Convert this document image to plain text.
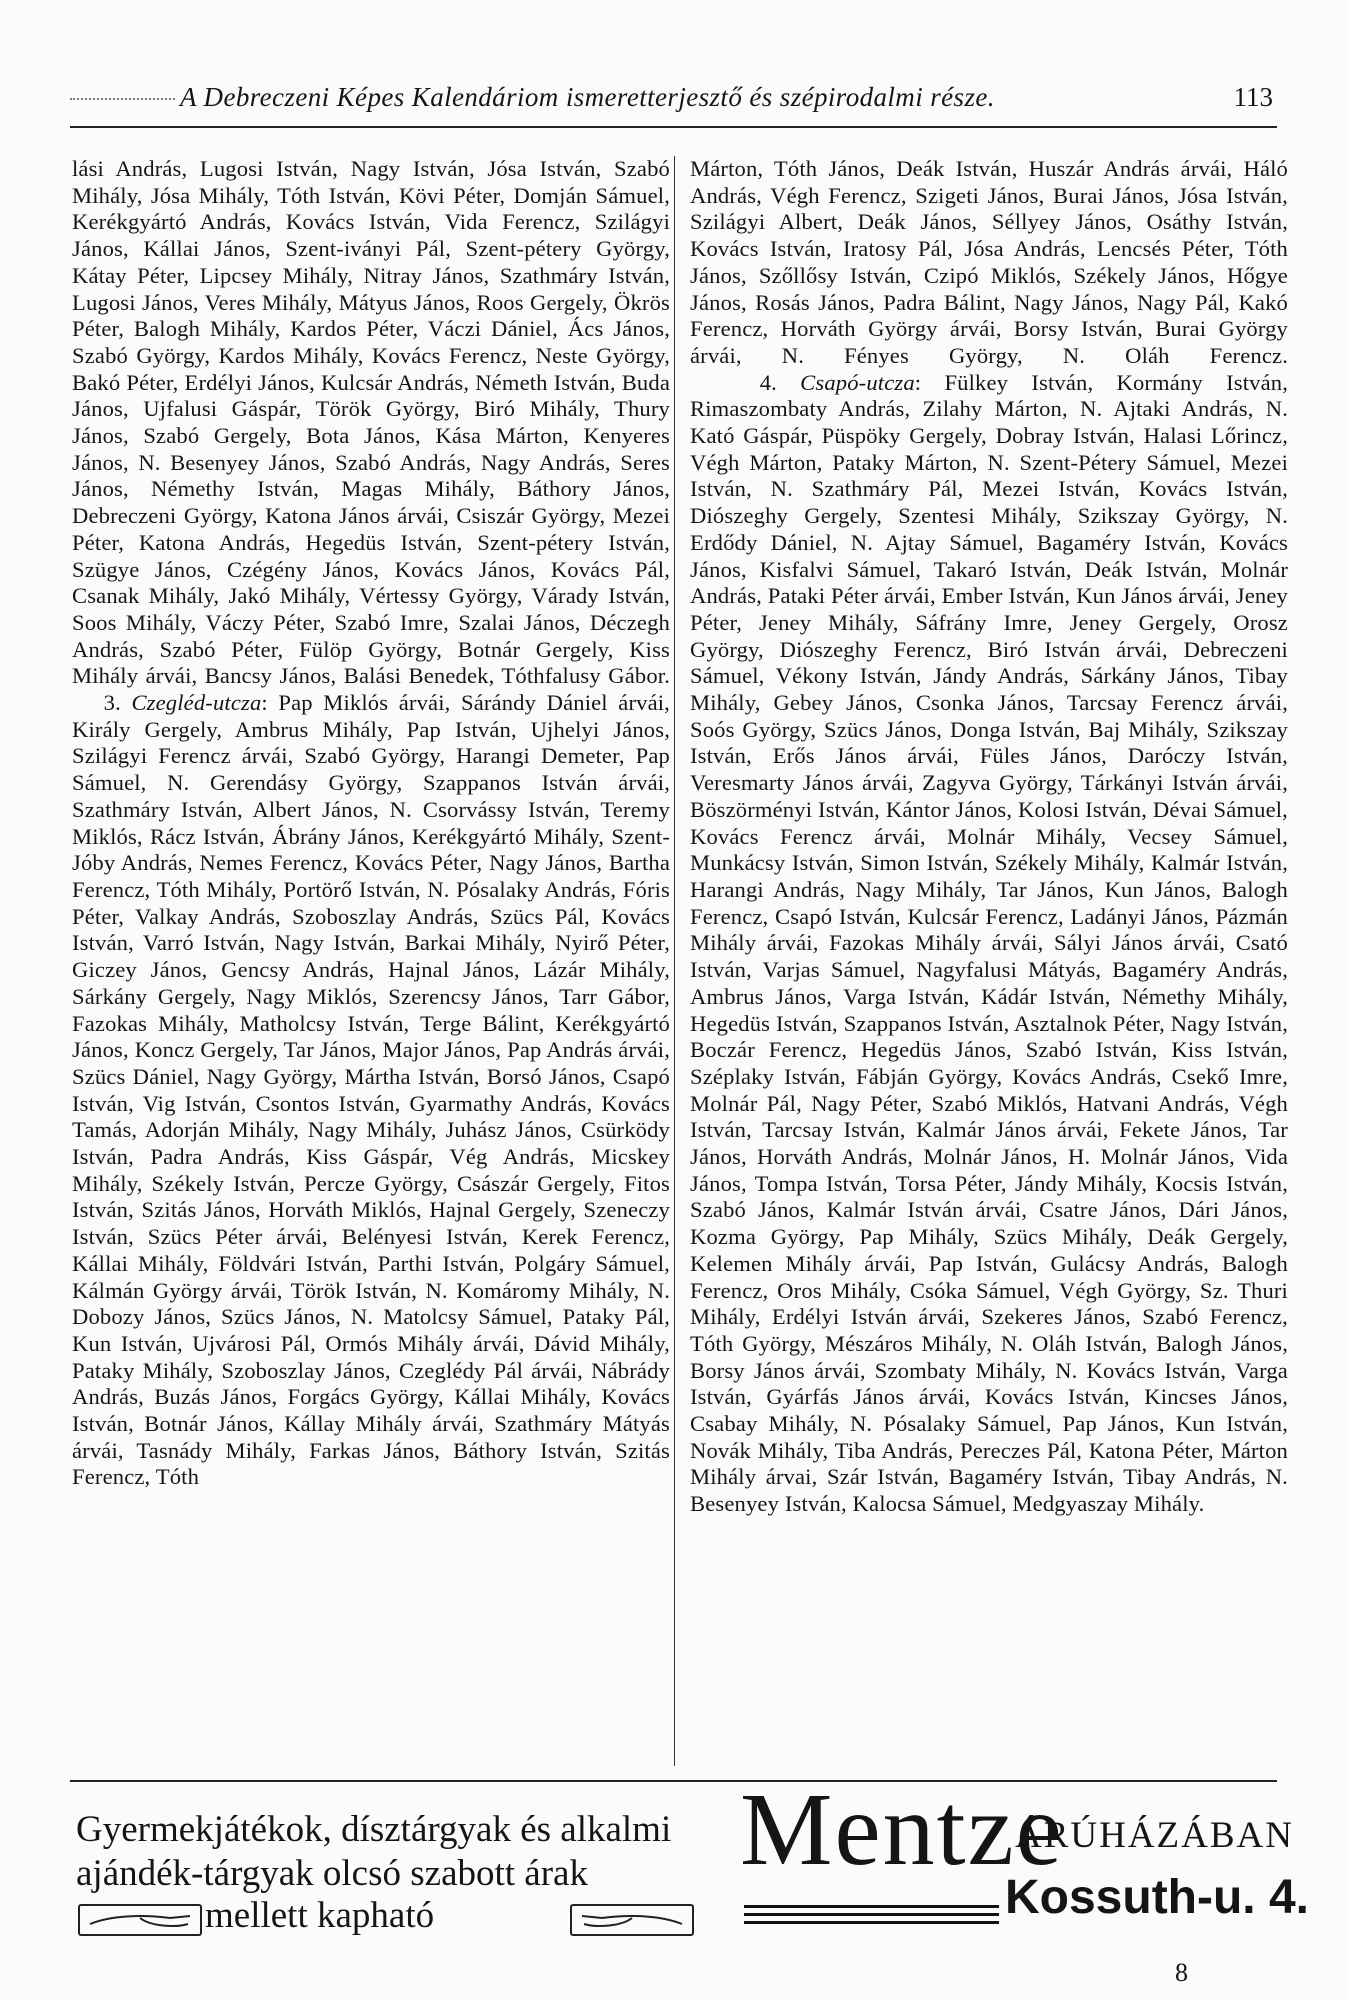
A Debreczeni Képes Kalendáriom ismeretterjesztő és szépirodalmi része.	113

lási András, Lugosi István, Nagy István, Jósa István, Szabó Mihály, Jósa Mihály, Tóth István, Kövi Péter, Domján Sámuel, Kerékgyártó András, Kovács István, Vida Ferencz, Szilágyi János, Kállai János, Szent-iványi Pál, Szent-pétery György, Kátay Péter, Lipcsey Mihály, Nitray János, Szathmáry István, Lugosi János, Veres Mihály, Mátyus János, Roos Gergely, Ökrös Péter, Balogh Mihály, Kardos Péter, Váczi Dániel, Ács János, Szabó György, Kardos Mihály, Kovács Ferencz, Neste György, Bakó Péter, Erdélyi János, Kulcsár András, Németh István, Buda János, Ujfalusi Gáspár, Török György, Biró Mihály, Thury János, Szabó Gergely, Bota János, Kása Márton, Kenyeres János, N. Besenyey János, Szabó András, Nagy András, Seres János, Némethy István, Magas Mihály, Báthory János, Debreczeni György, Katona János árvái, Csiszár György, Mezei Péter, Katona András, Hegedüs István, Szent-pétery István, Szügye János, Czégény János, Kovács János, Kovács Pál, Csanak Mihály, Jakó Mihály, Vértessy György, Várady István, Soos Mihály, Váczy Péter, Szabó Imre, Szalai János, Déczegh András, Szabó Péter, Fülöp György, Botnár Gergely, Kiss Mihály árvái, Bancsy János, Balási Benedek, Tóthfalusy Gábor.

3. Czegléd-utcza: Pap Miklós árvái, Sárándy Dániel árvái, Király Gergely, Ambrus Mihály, Pap István, Ujhelyi János, Szilágyi Ferencz árvái, Szabó György, Harangi Demeter, Pap Sámuel, N. Gerendásy György, Szappanos István árvái, Szathmáry István, Albert János, N. Csorvássy István, Teremy Miklós, Rácz István, Ábrány János, Kerékgyártó Mihály, Szent-Jóby András, Nemes Ferencz, Kovács Péter, Nagy János, Bartha Ferencz, Tóth Mihály, Portörő István, N. Pósalaky András, Fóris Péter, Valkay András, Szoboszlay András, Szücs Pál, Kovács István, Varró István, Nagy István, Barkai Mihály, Nyirő Péter, Giczey János, Gencsy András, Hajnal János, Lázár Mihály, Sárkány Gergely, Nagy Miklós, Szerencsy János, Tarr Gábor, Fazokas Mihály, Matholcsy István, Terge Bálint, Kerékgyártó János, Koncz Gergely, Tar János, Major János, Pap András árvái, Szücs Dániel, Nagy György, Mártha István, Borsó János, Csapó István, Vig István, Csontos István, Gyarmathy András, Kovács Tamás, Adorján Mihály, Nagy Mihály, Juhász János, Csürködy István, Padra András, Kiss Gáspár, Vég András, Micskey Mihály, Székely István, Percze György, Császár Gergely, Fitos István, Szitás János, Horváth Miklós, Hajnal Gergely, Szeneczy István, Szücs Péter árvái, Belényesi István, Kerek Ferencz, Kállai Mihály, Földvári István, Parthi István, Polgáry Sámuel, Kálmán György árvái, Török István, N. Komáromy Mihály, N. Dobozy János, Szücs János, N. Matolcsy Sámuel, Pataky Pál, Kun István, Ujvárosi Pál, Ormós Mihály árvái, Dávid Mihály, Pataky Mihály, Szoboszlay János, Czeglédy Pál árvái, Nábrády András, Buzás János, Forgács György, Kállai Mihály, Kovács István, Botnár János, Kállay Mihály árvái, Szathmáry Mátyás árvái, Tasnády Mihály, Farkas János, Báthory István, Szitás Ferencz, Tóth

Márton, Tóth János, Deák István, Huszár András árvái, Háló András, Végh Ferencz, Szigeti János, Burai János, Jósa István, Szilágyi Albert, Deák János, Séllyey János, Osáthy István, Kovács István, Iratosy Pál, Jósa András, Lencsés Péter, Tóth János, Szőllősy István, Czipó Miklós, Székely János, Hőgye János, Rosás János, Padra Bálint, Nagy János, Nagy Pál, Kakó Ferencz, Horváth György árvái, Borsy István, Burai György árvái, N. Fényes György, N. Oláh Ferencz.

4. Csapó-utcza: Fülkey István, Kormány István, Rimaszombaty András, Zilahy Márton, N. Ajtaki András, N. Kató Gáspár, Püspöky Gergely, Dobray István, Halasi Lőrincz, Végh Márton, Pataky Márton, N. Szent-Pétery Sámuel, Mezei István, N. Szathmáry Pál, Mezei István, Kovács István, Diószeghy Gergely, Szentesi Mihály, Szikszay György, N. Erdődy Dániel, N. Ajtay Sámuel, Bagaméry István, Kovács János, Kisfalvi Sámuel, Takaró István, Deák István, Molnár András, Pataki Péter árvái, Ember István, Kun János árvái, Jeney Péter, Jeney Mihály, Sáfrány Imre, Jeney Gergely, Orosz György, Diószeghy Ferencz, Biró István árvái, Debreczeni Sámuel, Vékony István, Jándy András, Sárkány János, Tibay Mihály, Gebey János, Csonka János, Tarcsay Ferencz árvái, Soós György, Szücs János, Donga István, Baj Mihály, Szikszay István, Erős János árvái, Füles János, Daróczy István, Veresmarty János árvái, Zagyva György, Tárkányi István árvái, Böszörményi István, Kántor János, Kolosi István, Dévai Sámuel, Kovács Ferencz árvái, Molnár Mihály, Vecsey Sámuel, Munkácsy István, Simon István, Székely Mihály, Kalmár István, Harangi András, Nagy Mihály, Tar János, Kun János, Balogh Ferencz, Csapó István, Kulcsár Ferencz, Ladányi János, Pázmán Mihály árvái, Fazokas Mihály árvái, Sályi János árvái, Csató István, Varjas Sámuel, Nagyfalusi Mátyás, Bagaméry András, Ambrus János, Varga István, Kádár István, Némethy Mihály, Hegedüs István, Szappanos István, Asztalnok Péter, Nagy István, Boczár Ferencz, Hegedüs János, Szabó István, Kiss István, Széplaky István, Fábján György, Kovács András, Csekő Imre, Molnár Pál, Nagy Péter, Szabó Miklós, Hatvani András, Végh István, Tarcsay István, Kalmár János árvái, Fekete János, Tar János, Horváth András, Molnár János, H. Molnár János, Vida János, Tompa István, Torsa Péter, Jándy Mihály, Kocsis István, Szabó János, Kalmár István árvái, Csatre János, Dári János, Kozma György, Pap Mihály, Szücs Mihály, Deák Gergely, Kelemen Mihály árvái, Pap István, Gulácsy András, Balogh Ferencz, Oros Mihály, Csóka Sámuel, Végh György, Sz. Thuri Mihály, Erdélyi István árvái, Szekeres János, Szabó Ferencz, Tóth György, Mészáros Mihály, N. Oláh István, Balogh János, Borsy János árvái, Szombaty Mihály, N. Kovács István, Varga István, Gyárfás János árvái, Kovács István, Kincses János, Csabay Mihály, N. Pósalaky Sámuel, Pap János, Kun István, Novák Mihály, Tiba András, Pereczes Pál, Katona Péter, Márton Mihály árvai, Szár István, Bagaméry István, Tibay András, N. Besenyey István, Kalocsa Sámuel, Medgyaszay Mihály.

Gyermekjátékok, dísztárgyak és alkalmi
ajándék-tárgyak olcsó szabott árak
mellett kapható
Mentze
ÁRÚHÁZÁBAN
Kossuth-u. 4.
8
